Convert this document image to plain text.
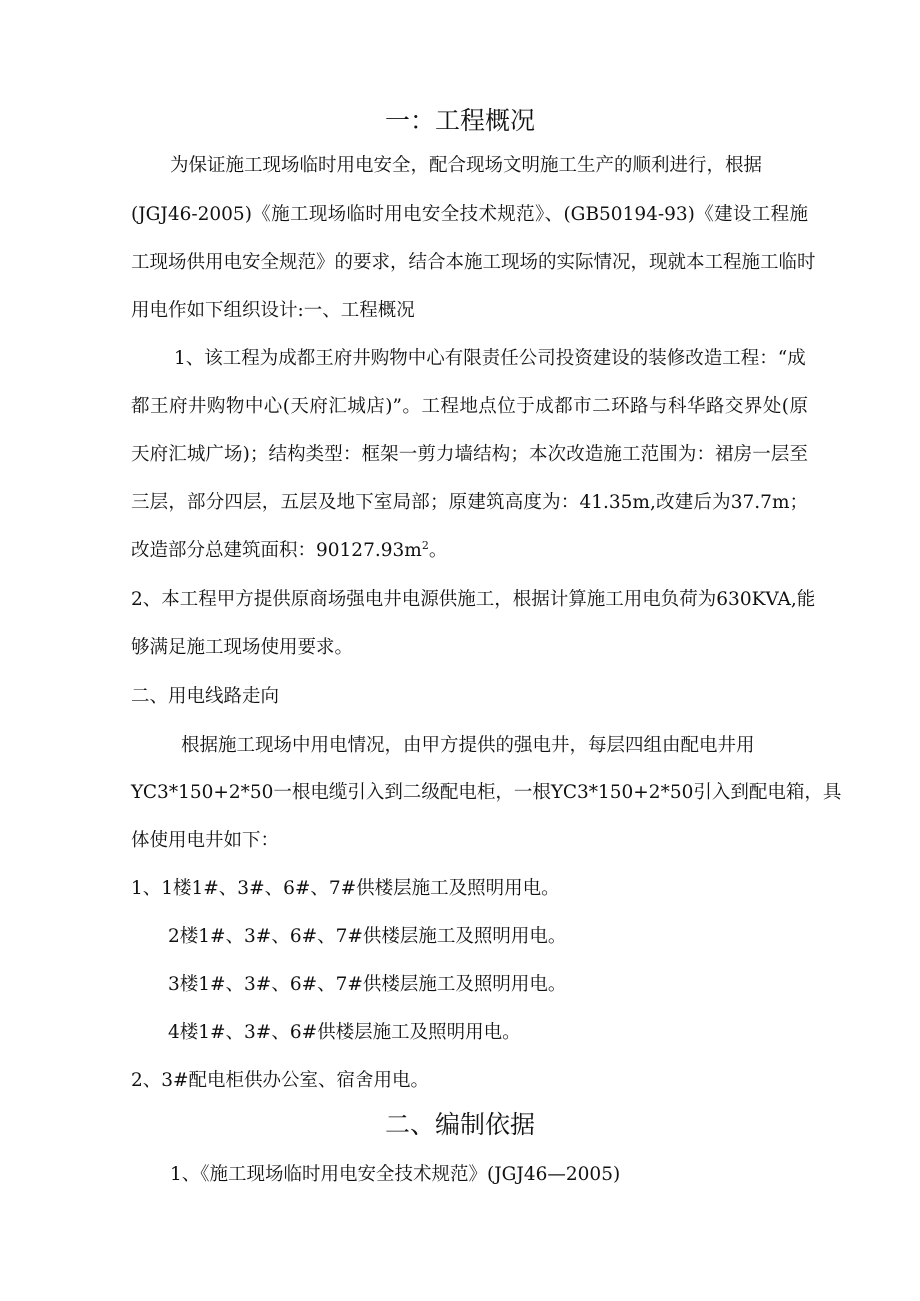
一：工程概况
为保证施工现场临时用电安全，配合现场文明施工生产的顺利进行，根据
(JGJ46-2005)《施工现场临时用电安全技术规范》、(GB50194-93)《建设工程施
工现场供用电安全规范》的要求，结合本施工现场的实际情况，现就本工程施工临时
用电作如下组织设计:一、工程概况
1、该工程为成都王府井购物中心有限责任公司投资建设的装修改造工程：“成
都王府井购物中心(天府汇城店)”。工程地点位于成都市二环路与科华路交界处(原
天府汇城广场)；结构类型：框架一剪力墙结构；本次改造施工范围为：裙房一层至
三层，部分四层，五层及地下室局部；原建筑高度为：41.35m,改建后为37.7m；
改造部分总建筑面积：$90127.93m^2$。
2、本工程甲方提供原商场强电井电源供施工，根据计算施工用电负荷为630KVA,能
够满足施工现场使用要求。
二、用电线路走向
根据施工现场中用电情况，由甲方提供的强电井，每层四组由配电井用
YC3*150+2*50一根电缆引入到二级配电柜，一根YC3*150+2*50引入到配电箱，具
体使用电井如下：
1、1楼1#、3#、6#、7#供楼层施工及照明用电。
2楼1#、3#、6#、7#供楼层施工及照明用电。
3楼1#、3#、6#、7#供楼层施工及照明用电。
4楼1#、3#、6#供楼层施工及照明用电。
2、3#配电柜供办公室、宿舍用电。
二、编制依据
1、《施工现场临时用电安全技术规范》(JGJ46—2005)
